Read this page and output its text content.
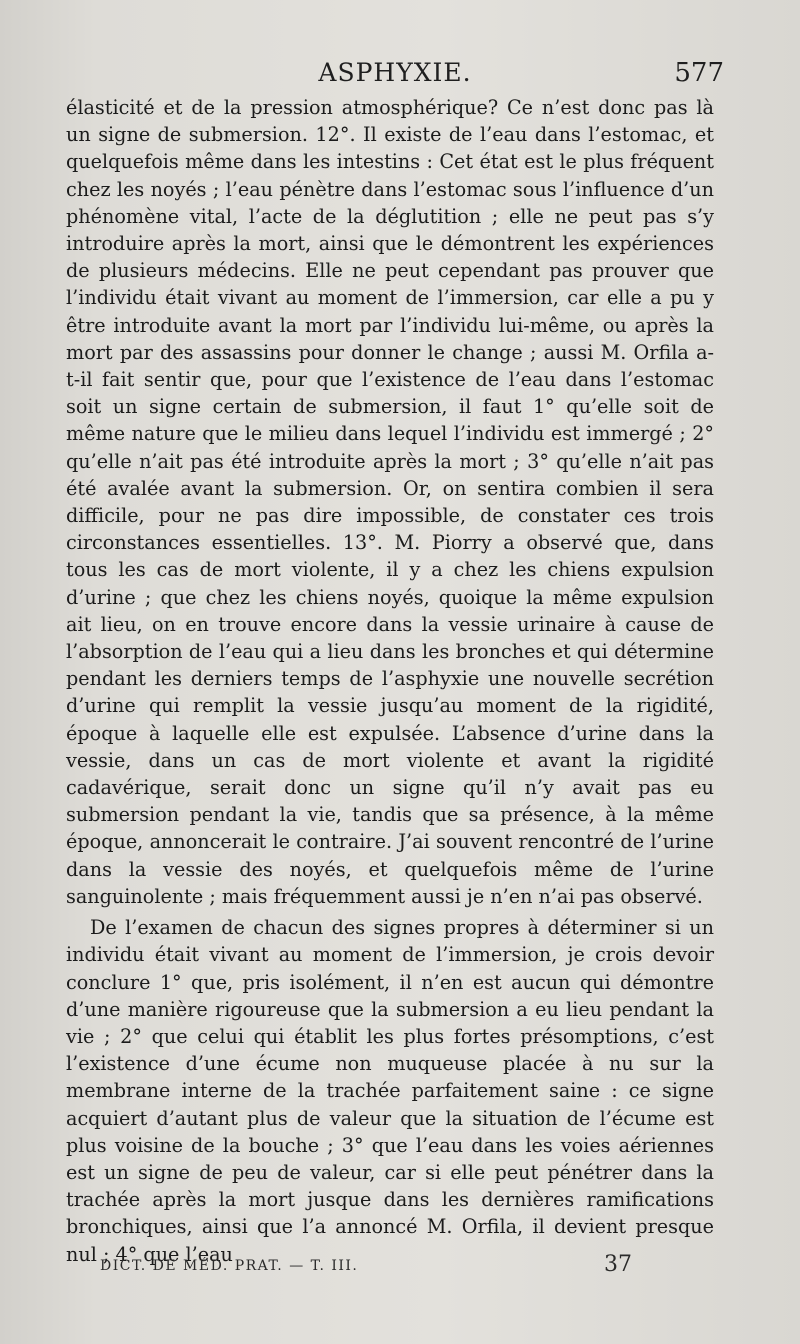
ASPHYXIE.	577

élasticité et de la pression atmosphérique? Ce n’est donc pas là un signe de submersion. 12°. Il existe de l’eau dans l’estomac, et quelquefois même dans les intestins : Cet état est le plus fréquent chez les noyés ; l’eau pénètre dans l’estomac sous l’influence d’un phénomène vital, l’acte de la déglutition ; elle ne peut pas s’y introduire après la mort, ainsi que le démontrent les expériences de plusieurs médecins. Elle ne peut cependant pas prouver que l’individu était vivant au moment de l’immersion, car elle a pu y être introduite avant la mort par l’individu lui-même, ou après la mort par des assassins pour donner le change ; aussi M. Orfila a-t-il fait sentir que, pour que l’existence de l’eau dans l’estomac soit un signe certain de submersion, il faut 1° qu’elle soit de même nature que le milieu dans lequel l’individu est immergé ; 2° qu’elle n’ait pas été introduite après la mort ; 3° qu’elle n’ait pas été avalée avant la submersion. Or, on sentira combien il sera difficile, pour ne pas dire impossible, de constater ces trois circonstances essentielles. 13°. M. Piorry a observé que, dans tous les cas de mort violente, il y a chez les chiens expulsion d’urine ; que chez les chiens noyés, quoique la même expulsion ait lieu, on en trouve encore dans la vessie urinaire à cause de l’absorption de l’eau qui a lieu dans les bronches et qui détermine pendant les derniers temps de l’asphyxie une nouvelle secrétion d’urine qui remplit la vessie jusqu’au moment de la rigidité, époque à laquelle elle est expulsée. L’absence d’urine dans la vessie, dans un cas de mort violente et avant la rigidité cadavérique, serait donc un signe qu’il n’y avait pas eu submersion pendant la vie, tandis que sa présence, à la même époque, annoncerait le contraire. J’ai souvent rencontré de l’urine dans la vessie des noyés, et quelquefois même de l’urine sanguinolente ; mais fréquemment aussi je n’en n’ai pas observé.

De l’examen de chacun des signes propres à déterminer si un individu était vivant au moment de l’immersion, je crois devoir conclure 1° que, pris isolément, il n’en est aucun qui démontre d’une manière rigoureuse que la submersion a eu lieu pendant la vie ; 2° que celui qui établit les plus fortes présomptions, c’est l’existence d’une écume non muqueuse placée à nu sur la membrane interne de la trachée parfaitement saine : ce signe acquiert d’autant plus de valeur que la situation de l’écume est plus voisine de la bouche ; 3° que l’eau dans les voies aériennes est un signe de peu de valeur, car si elle peut pénétrer dans la trachée après la mort jusque dans les dernières ramifications bronchiques, ainsi que l’a annoncé M. Orfila, il devient presque nul ; 4° que l’eau

DICT. DE MÉD. PRAT. — T. III.	37
